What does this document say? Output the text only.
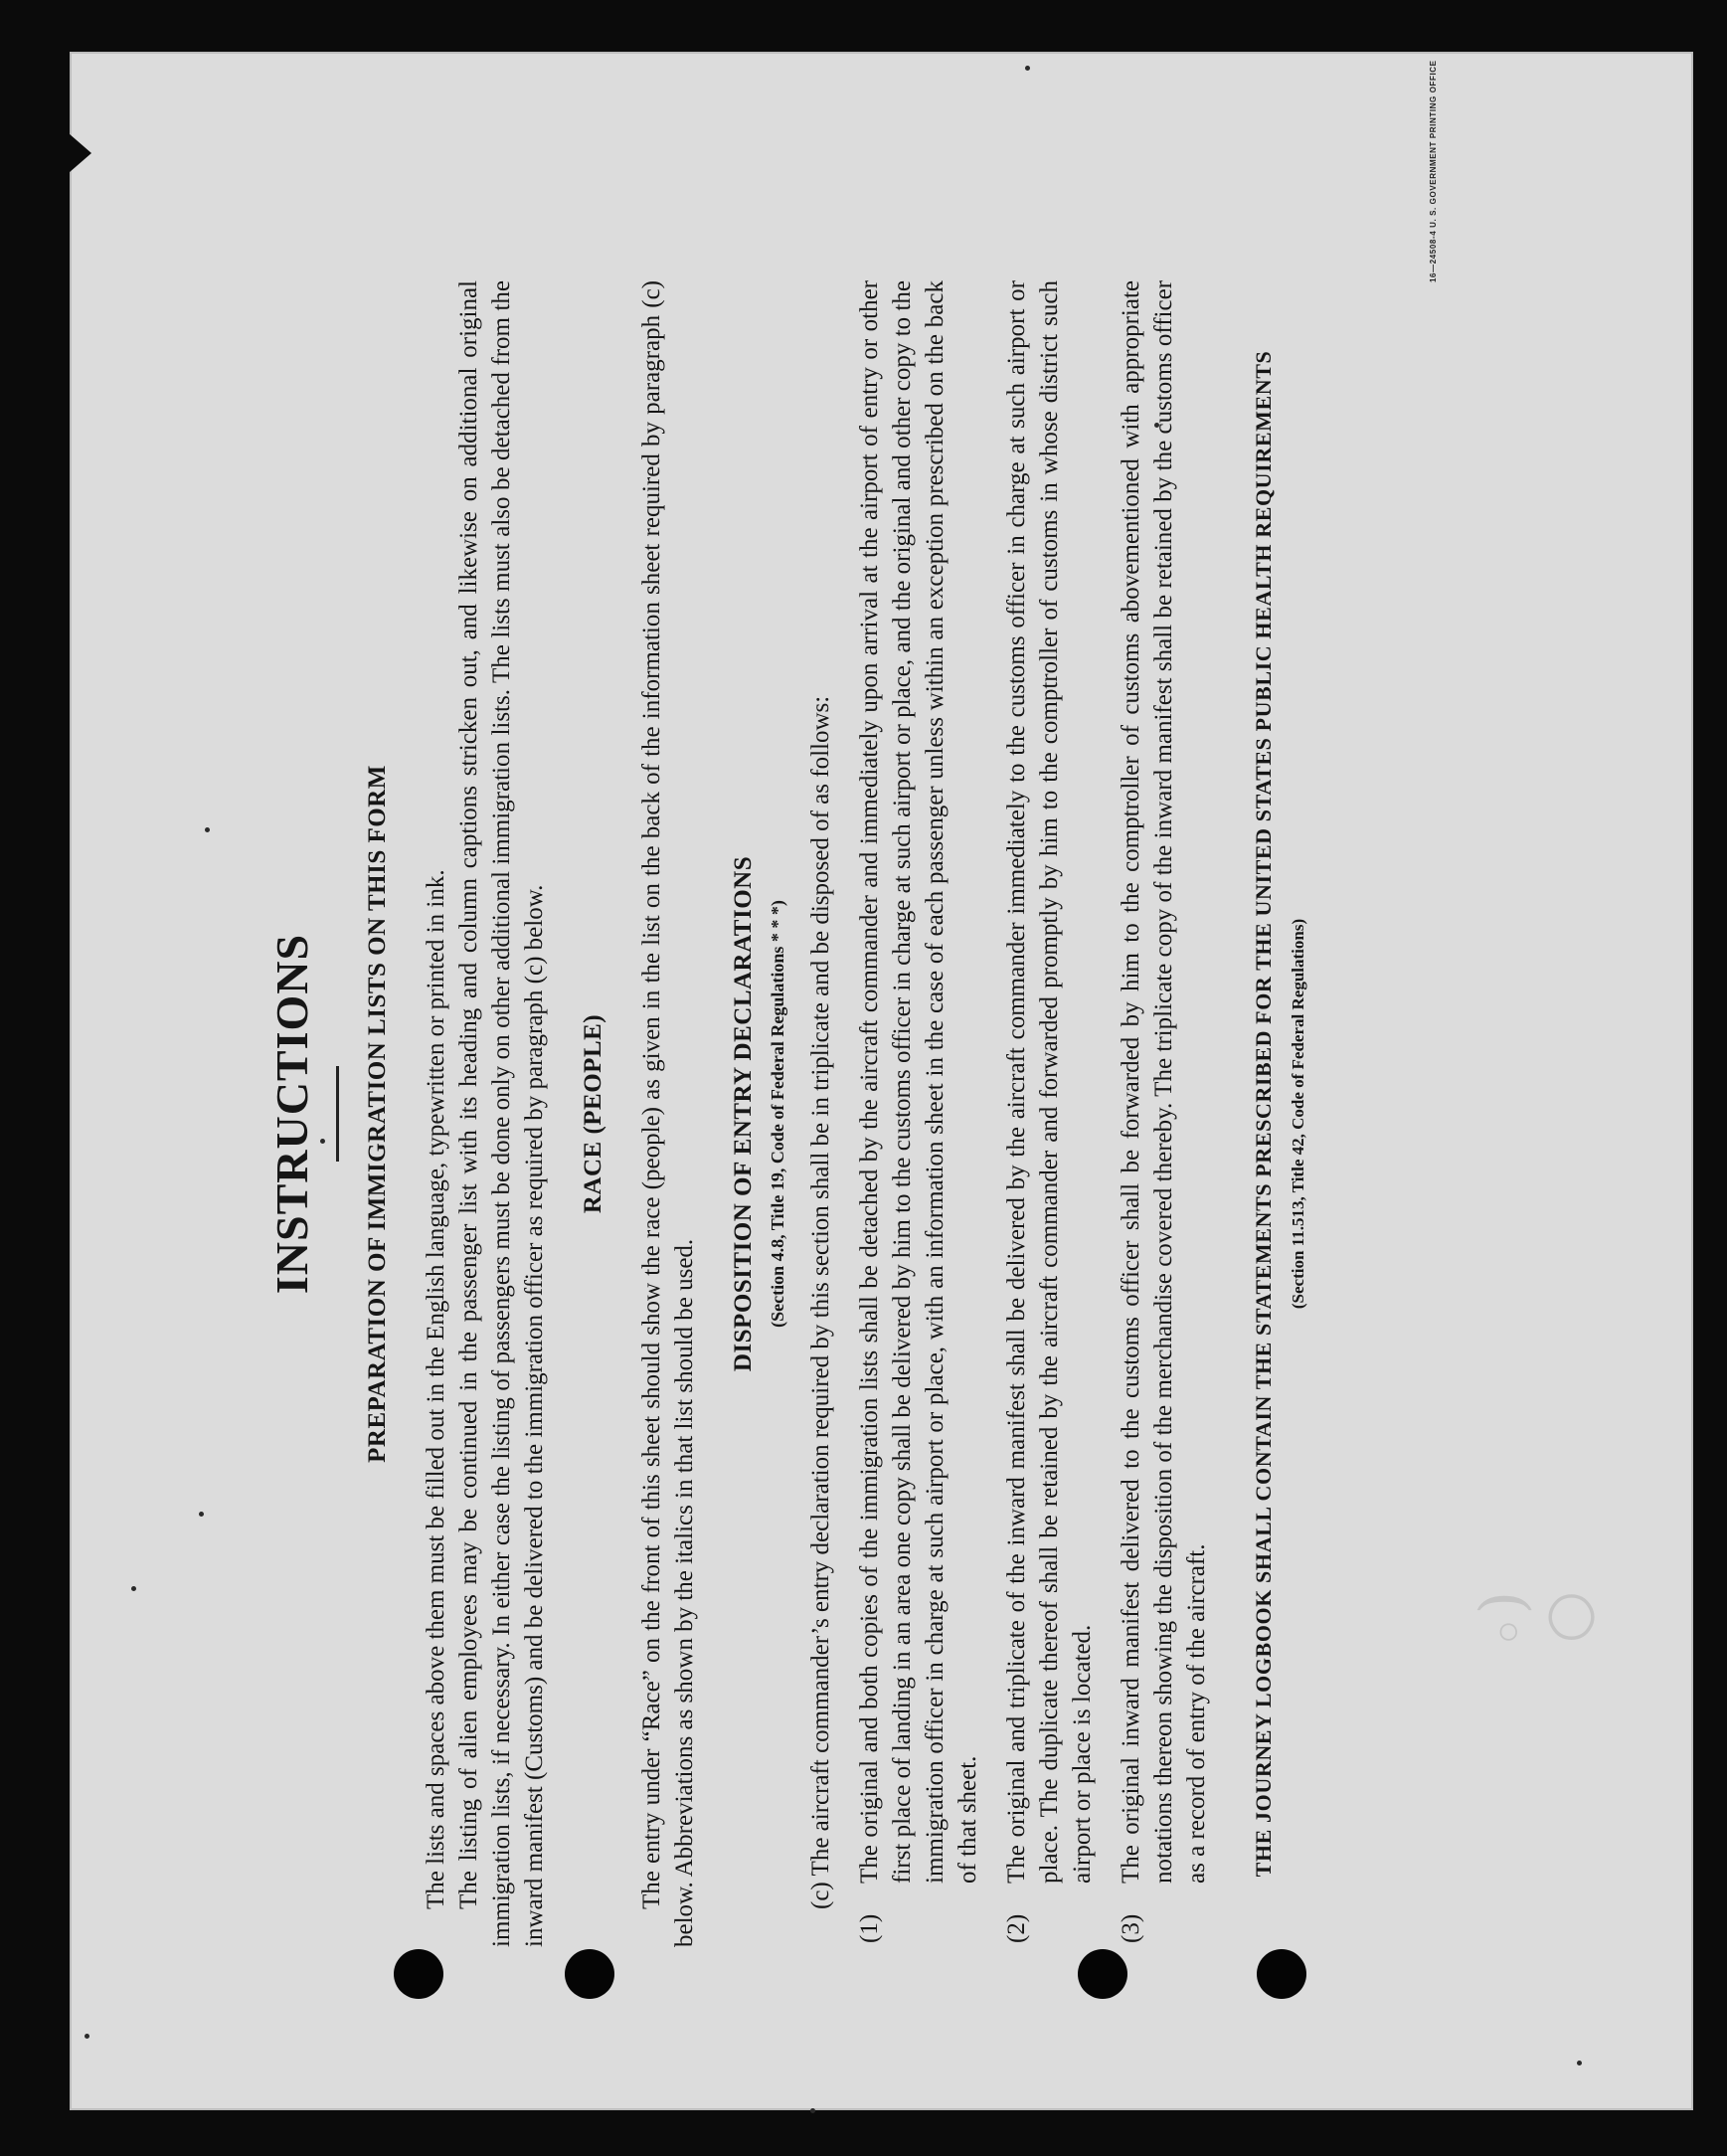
○ (◦
INSTRUCTIONS PREPARATION OF IMMIGRATION LISTS ON THIS FORM The lists and spaces above them must be filled out in the English language, typewritten or printed in ink. The listing of alien employees may be continued in the passenger list with its heading and column captions stricken out, and likewise on additional original immigration lists, if necessary. In either case the listing of passengers must be done only on other additional immigration lists. The lists must also be detached from the inward manifest (Customs) and be delivered to the immigration officer as required by paragraph (c) below. RACE (PEOPLE) The entry under “Race” on the front of this sheet should show the race (people) as given in the list on the back of the information sheet required by paragraph (c) below. Abbreviations as shown by the italics in that list should be used.

DISPOSITION OF ENTRY DECLARATIONS (Section 4.8, Title 19, Code of Federal Regulations * * *) (c) The aircraft commander’s entry declaration required by this section shall be in triplicate and be disposed of as follows:

(1)
The original and both copies of the immigration lists shall be detached by the aircraft commander and immediately upon arrival at the airport of entry or other first place of landing in an area one copy shall be delivered by him to the customs officer in charge at such airport or place, and the original and other copy to the immigration officer in charge at such airport or place, with an information sheet in the case of each passenger unless within an exception prescribed on the back of that sheet.
(2)
The original and triplicate of the inward manifest shall be delivered by the aircraft commander immediately to the customs officer in charge at such airport or place. The duplicate thereof shall be retained by the aircraft commander and forwarded promptly by him to the comptroller of customs in whose district such airport or place is located.
(3)
The original inward manifest delivered to the customs officer shall be forwarded by him to the comptroller of customs abovementioned with appropriate notations thereon showing the disposition of the merchandise covered thereby. The triplicate copy of the inward manifest shall be retained by the customs officer as a record of entry of the aircraft. THE JOURNEY LOGBOOK SHALL CONTAIN THE STATEMENTS PRESCRIBED FOR THE UNITED STATES PUBLIC HEALTH REQUIREMENTS (Section 11.513, Title 42, Code of Federal Regulations)
16—24508-4 U. S. GOVERNMENT PRINTING OFFICE
